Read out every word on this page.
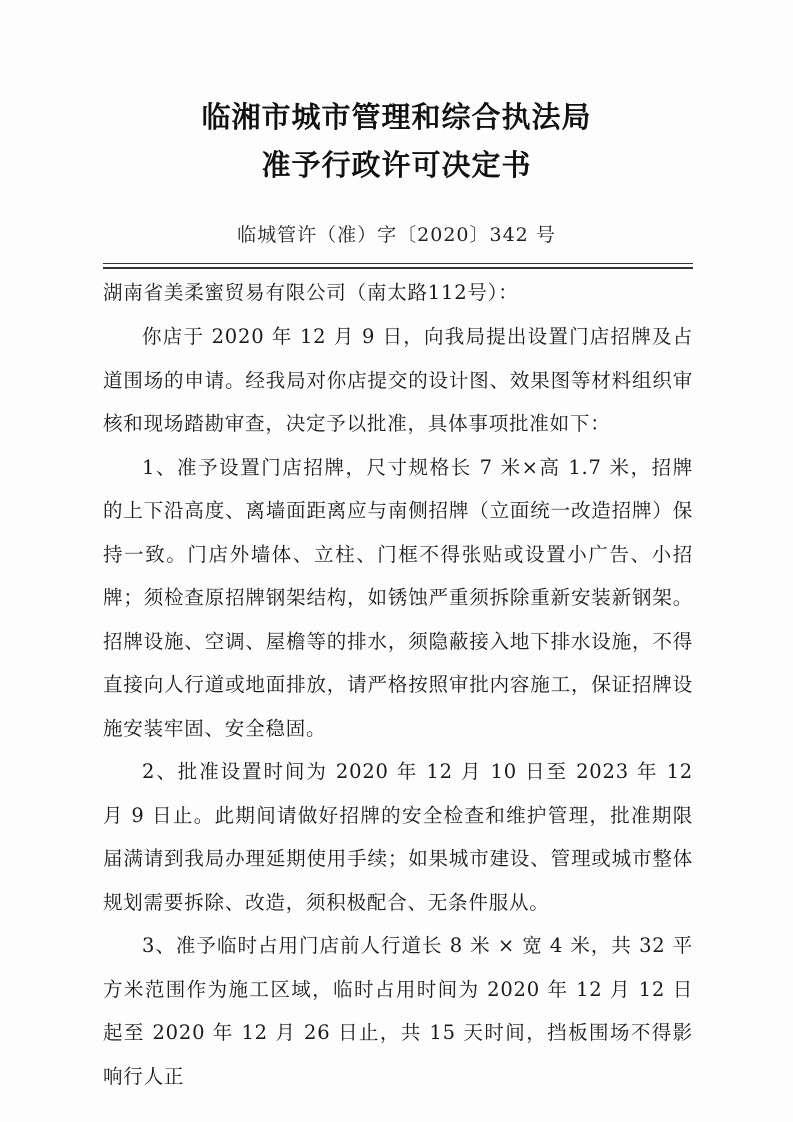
临湘市城市管理和综合执法局
准予行政许可决定书
临城管许（准）字〔2020〕342 号
湖南省美柔蜜贸易有限公司（南太路112号）：

你店于 2020 年 12 月 9 日，向我局提出设置门店招牌及占道围场的申请。经我局对你店提交的设计图、效果图等材料组织审核和现场踏勘审查，决定予以批准，具体事项批准如下：

1、准予设置门店招牌，尺寸规格长 7 米×高 1.7 米，招牌的上下沿高度、离墙面距离应与南侧招牌（立面统一改造招牌）保持一致。门店外墙体、立柱、门框不得张贴或设置小广告、小招牌；须检查原招牌钢架结构，如锈蚀严重须拆除重新安装新钢架。招牌设施、空调、屋檐等的排水，须隐蔽接入地下排水设施，不得直接向人行道或地面排放，请严格按照审批内容施工，保证招牌设施安装牢固、安全稳固。

2、批准设置时间为 2020 年 12 月 10 日至 2023 年 12 月 9 日止。此期间请做好招牌的安全检查和维护管理，批准期限届满请到我局办理延期使用手续；如果城市建设、管理或城市整体规划需要拆除、改造，须积极配合、无条件服从。

3、准予临时占用门店前人行道长 8 米 × 宽 4 米，共 32 平方米范围作为施工区域，临时占用时间为 2020 年 12 月 12 日起至 2020 年 12 月 26 日止，共 15 天时间，挡板围场不得影响行人正
